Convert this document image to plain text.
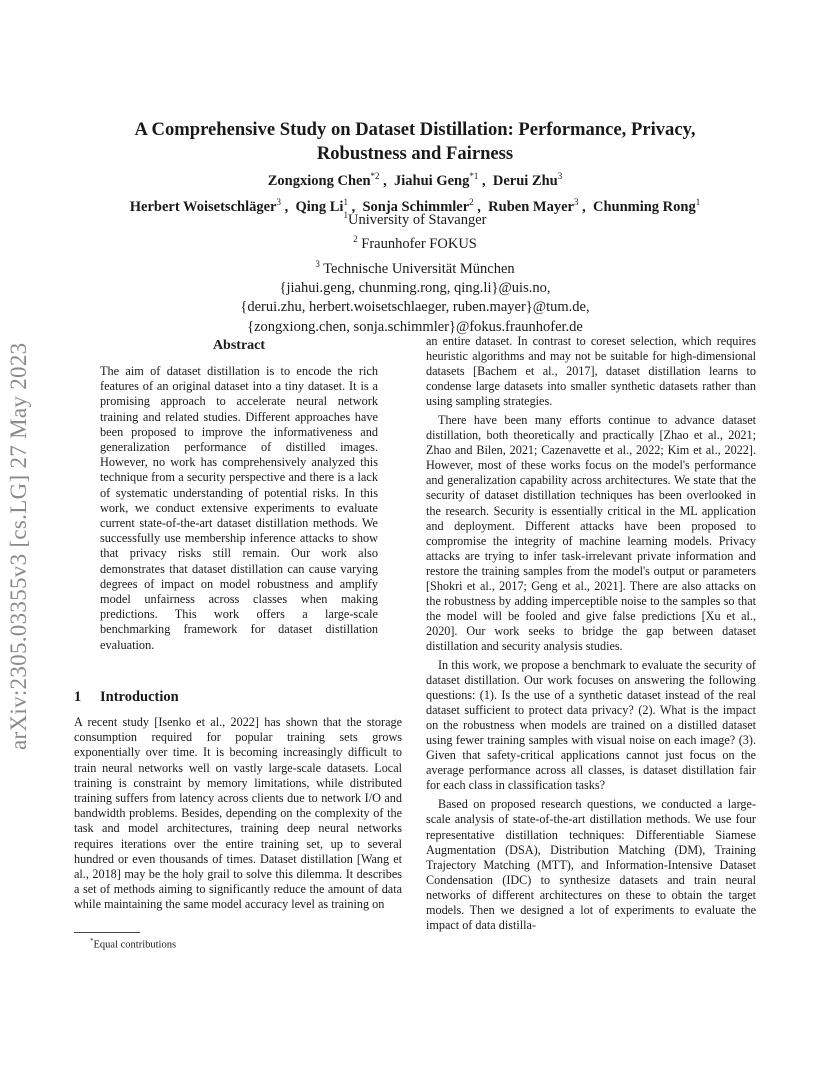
arXiv:2305.03355v3 [cs.LG] 27 May 2023
A Comprehensive Study on Dataset Distillation: Performance, Privacy, Robustness and Fairness
Zongxiong Chen$^{*2}$ ,  Jiahui Geng$^{*1}$ ,  Derui Zhu$^3$
Herbert Woisetschläger$^3$ ,  Qing Li$^1$ ,  Sonja Schimmler$^2$ ,  Ruben Mayer$^3$ ,  Chunming Rong$^1$
$^1$University of Stavanger
$^2$ Fraunhofer FOKUS
$^3$ Technische Universität München
{jiahui.geng, chunming.rong, qing.li}@uis.no,
{derui.zhu, herbert.woisetschlaeger, ruben.mayer}@tum.de,
{zongxiong.chen, sonja.schimmler}@fokus.fraunhofer.de
Abstract
The aim of dataset distillation is to encode the rich features of an original dataset into a tiny dataset. It is a promising approach to accelerate neural network training and related studies. Different approaches have been proposed to improve the informativeness and generalization performance of distilled images. However, no work has comprehensively analyzed this technique from a security perspective and there is a lack of systematic understanding of potential risks. In this work, we conduct extensive experiments to evaluate current state-of-the-art dataset distillation methods. We successfully use membership inference attacks to show that privacy risks still remain. Our work also demonstrates that dataset distillation can cause varying degrees of impact on model robustness and amplify model unfairness across classes when making predictions. This work offers a large-scale benchmarking framework for dataset distillation evaluation.
1 Introduction

A recent study [Isenko et al., 2022] has shown that the storage consumption required for popular training sets grows exponentially over time. It is becoming increasingly difficult to train neural networks well on vastly large-scale datasets. Local training is constraint by memory limitations, while distributed training suffers from latency across clients due to network I/O and bandwidth problems. Besides, depending on the complexity of the task and model architectures, training deep neural networks requires iterations over the entire training set, up to several hundred or even thousands of times. Dataset distillation [Wang et al., 2018] may be the holy grail to solve this dilemma. It describes a set of methods aiming to significantly reduce the amount of data while maintaining the same model accuracy level as training on

an entire dataset. In contrast to coreset selection, which requires heuristic algorithms and may not be suitable for high-dimensional datasets [Bachem et al., 2017], dataset distillation learns to condense large datasets into smaller synthetic datasets rather than using sampling strategies.

There have been many efforts continue to advance dataset distillation, both theoretically and practically [Zhao et al., 2021; Zhao and Bilen, 2021; Cazenavette et al., 2022; Kim et al., 2022]. However, most of these works focus on the model's performance and generalization capability across architectures. We state that the security of dataset distillation techniques has been overlooked in the research. Security is essentially critical in the ML application and deployment. Different attacks have been proposed to compromise the integrity of machine learning models. Privacy attacks are trying to infer task-irrelevant private information and restore the training samples from the model's output or parameters [Shokri et al., 2017; Geng et al., 2021]. There are also attacks on the robustness by adding imperceptible noise to the samples so that the model will be fooled and give false predictions [Xu et al., 2020]. Our work seeks to bridge the gap between dataset distillation and security analysis studies.

In this work, we propose a benchmark to evaluate the security of dataset distillation. Our work focuses on answering the following questions: (1). Is the use of a synthetic dataset instead of the real dataset sufficient to protect data privacy? (2). What is the impact on the robustness when models are trained on a distilled dataset using fewer training samples with visual noise on each image? (3). Given that safety-critical applications cannot just focus on the average performance across all classes, is dataset distillation fair for each class in classification tasks?

Based on proposed research questions, we conducted a large-scale analysis of state-of-the-art distillation methods. We use four representative distillation techniques: Differentiable Siamese Augmentation (DSA), Distribution Matching (DM), Training Trajectory Matching (MTT), and Information-Intensive Dataset Condensation (IDC) to synthesize datasets and train neural networks of different architectures on these to obtain the target models. Then we designed a lot of experiments to evaluate the impact of data distilla-

*Equal contributions
